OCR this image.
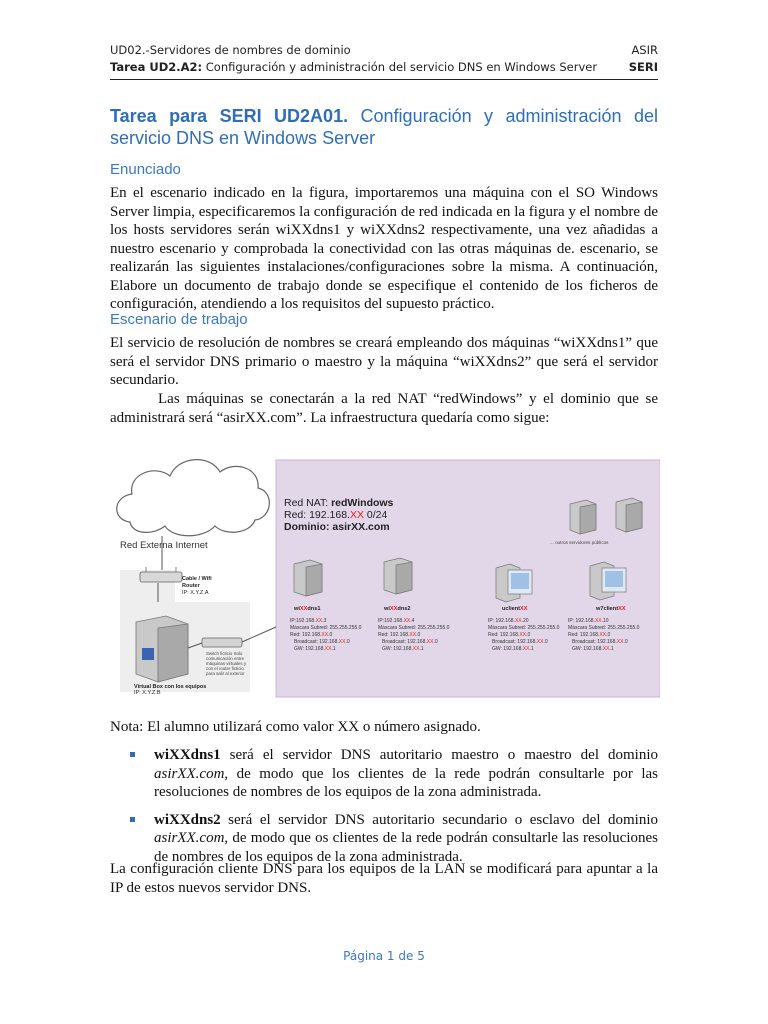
UD02.-Servidores de nombres de dominio	ASIR
Tarea UD2.A2: Configuración y administración del servicio DNS en Windows Server	SERI
Tarea para SERI UD2A01. Configuración y administración del servicio DNS en Windows Server
Enunciado

En el escenario indicado en la figura, importaremos una máquina con el SO Windows Server limpia, especificaremos la configuración de red indicada en la figura y el nombre de los hosts servidores serán wiXXdns1 y wiXXdns2 respectivamente, una vez añadidas a nuestro escenario y comprobada la conectividad con las otras máquinas de. escenario, se realizarán las siguientes instalaciones/configuraciones sobre la misma. A continuación, Elabore un documento de trabajo donde se especifique el contenido de los ficheros de configuración, atendiendo a los requisitos del supuesto práctico.

Escenario de trabajo

El servicio de resolución de nombres se creará empleando dos máquinas “wiXXdns1” que será el servidor DNS primario o maestro y la máquina “wiXXdns2” que será el servidor secundario.

Las máquinas se conectarán a la red NAT “redWindows” y el dominio que se administrará será “asirXX.com”. La infraestructura quedaría como sigue:

Red Externa Internet
Cable / Wifi
Router
IP: X.Y.Z.A
Switch ficticio Solo
comunicación entre
máquinas virtuales y
con el router ficticio
para salir al exterior
Virtual Box con los equipos
IP: X.Y.Z.B
Red NAT: redWindows
Red: 192.168.XX 0/24
Dominio: asirXX.com
... outros servidores públicos
wiXXdns1
IP:192.168.XX.3
Máscara Subred: 255.255.255.0
Red: 192.168.XX.0
Broadcast: 192.168.XX.0
GW: 192.168.XX.1
wiXXdns2
IP:192.168.XX.4
Máscara Subred: 255.255.255.0
Red: 192.168.XX.0
Broadcast: 192.168.XX.0
GW: 192.168.XX.1
uclientXX
IP: 192.168.XX.20
Máscara Subred: 255.255.255.0
Red: 192.168.XX.0
Broadcast: 192.168.XX.0
GW: 192.168.XX.1
w7clientXX
IP: 192.168.XX.10
Máscara Subred: 255.255.255.0
Red: 192.168.XX.0
Broadcast: 192.168.XX.0
GW: 192.168.XX.1

Nota: El alumno utilizará como valor XX o número asignado.

wiXXdns1 será el servidor DNS autoritario maestro o maestro del dominio asirXX.com, de modo que los clientes de la rede podrán consultarle por las resoluciones de nombres de los equipos de la zona administrada.
wiXXdns2 será el servidor DNS autoritario secundario o esclavo del dominio asirXX.com, de modo que os clientes de la rede podrán consultarle las resoluciones de nombres de los equipos de la zona administrada.

La configuración cliente DNS para los equipos de la LAN se modificará para apuntar a la IP de estos nuevos servidor DNS.

Página 1 de 5
